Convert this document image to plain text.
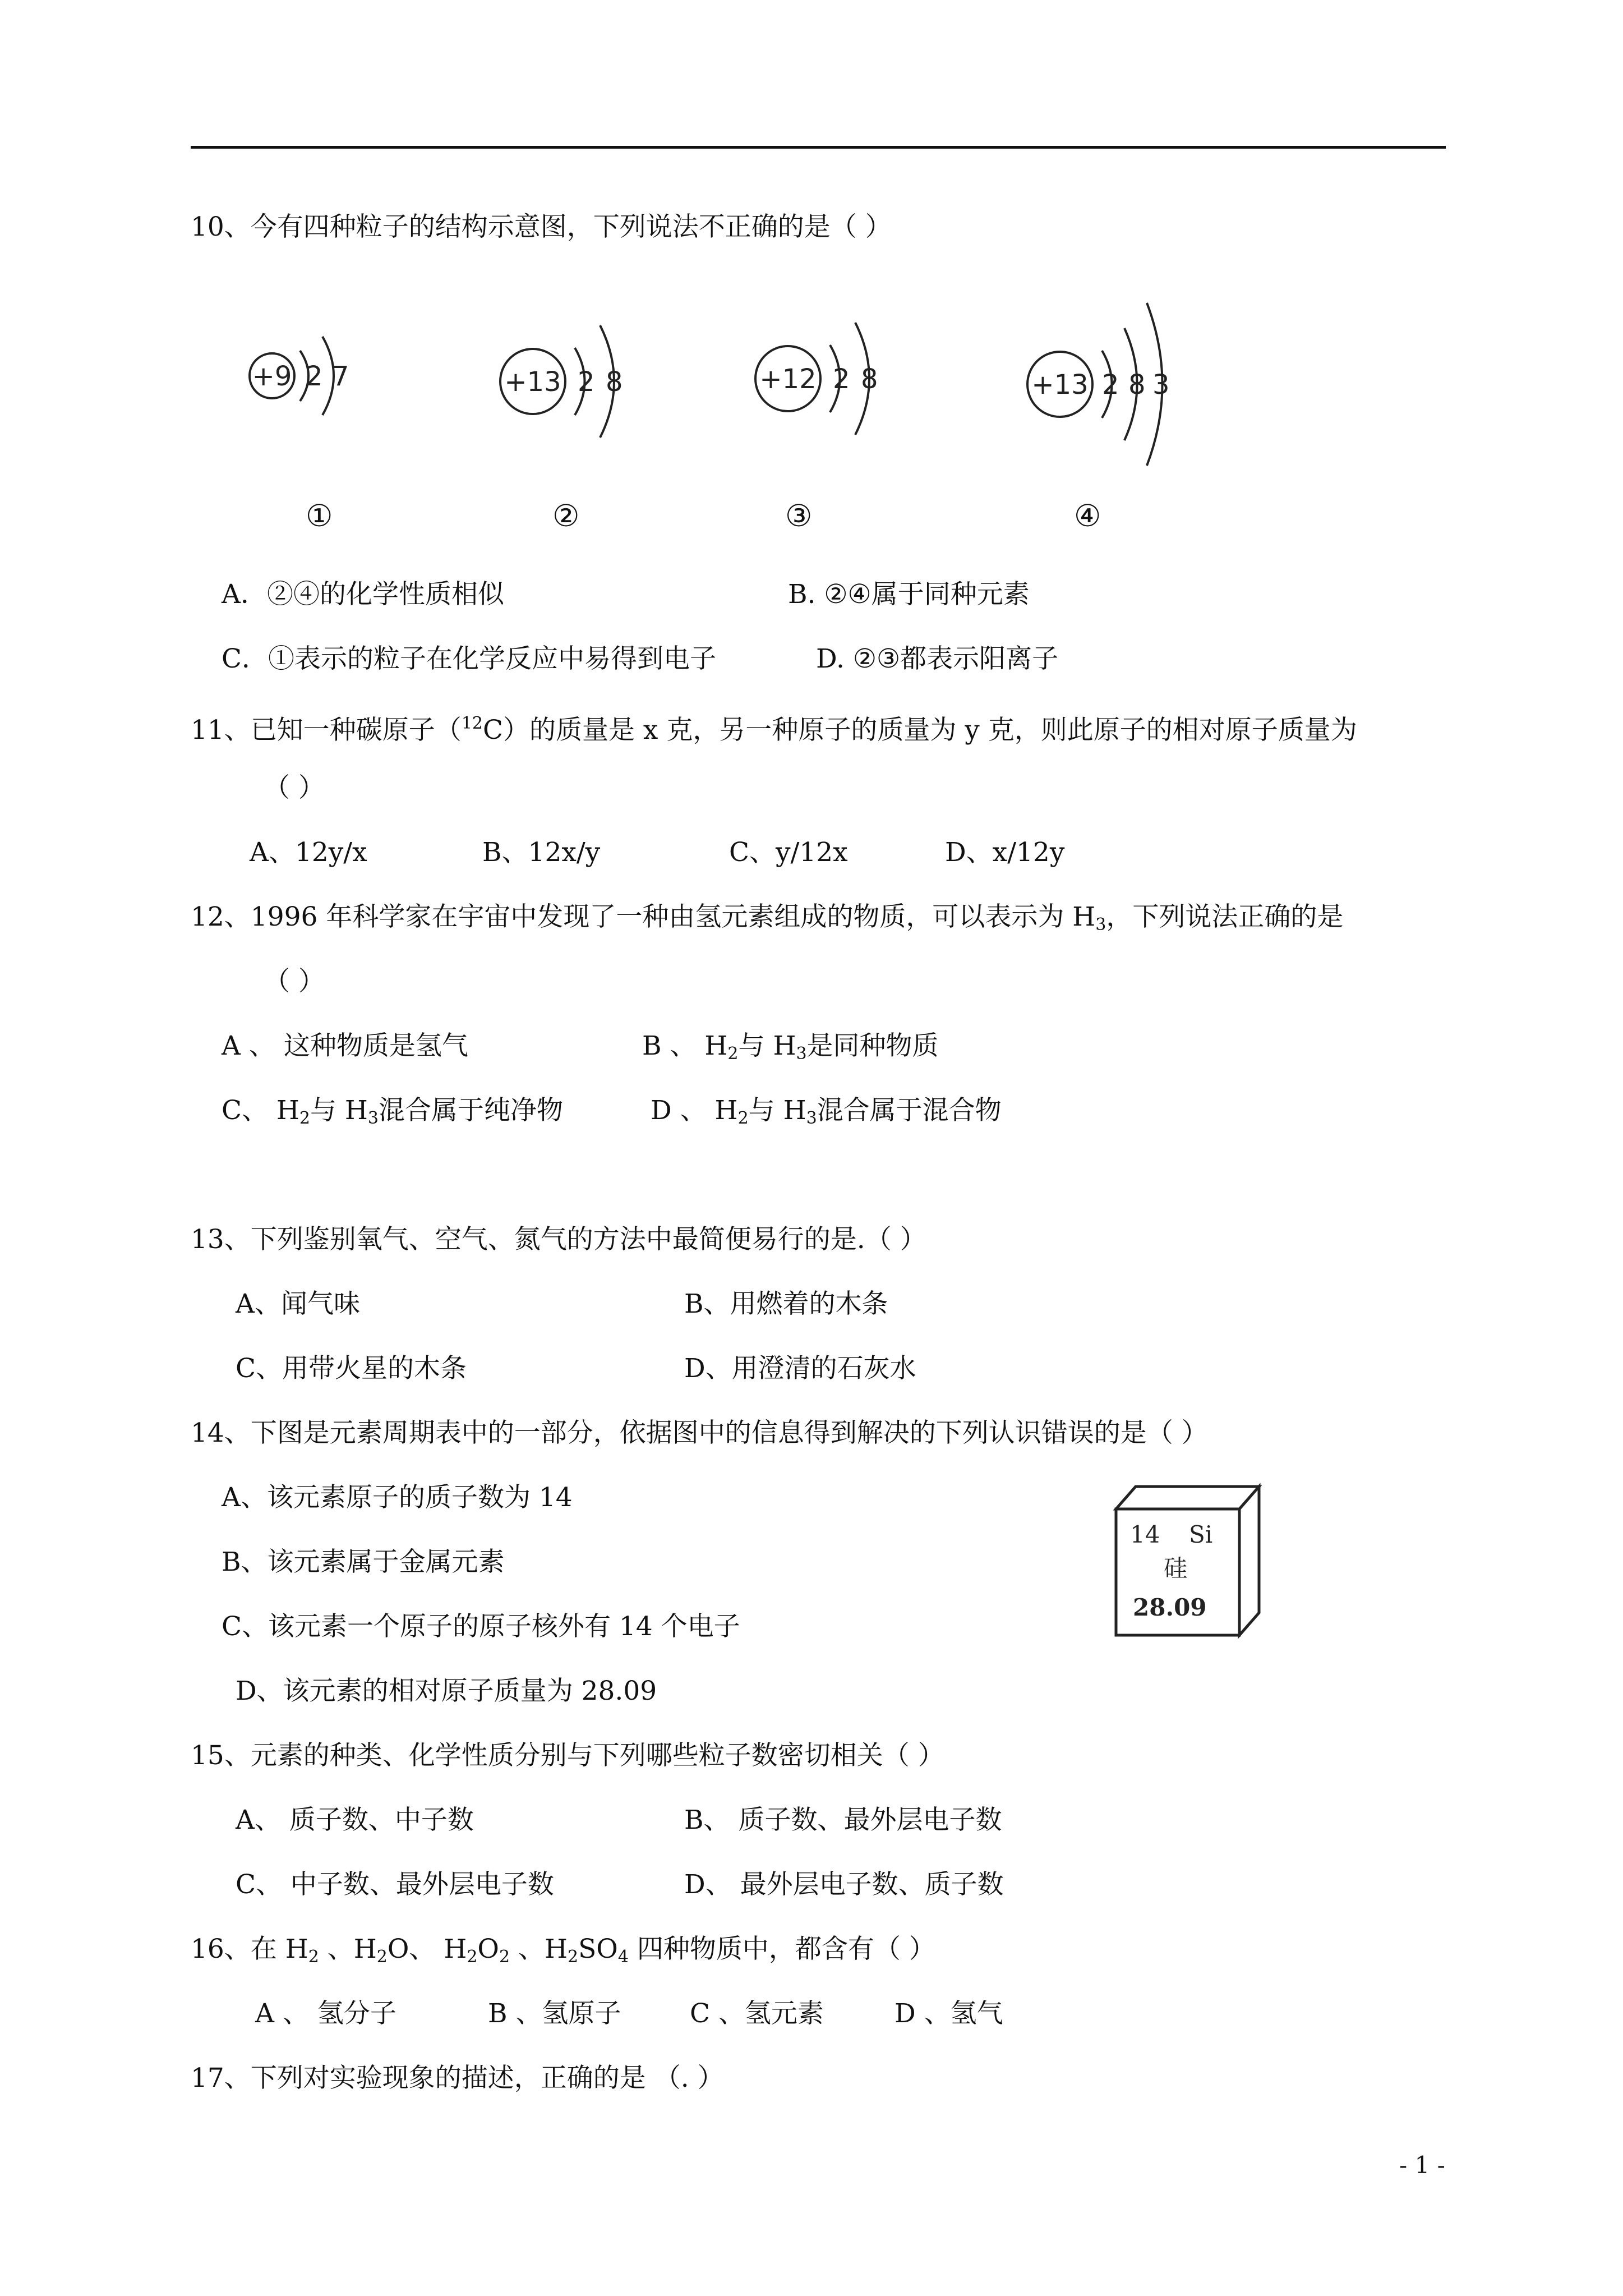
10、今有四种粒子的结构示意图，下列说法不正确的是（ ）
+9 2 7
①
+13 2 8
②
+12 2 8
③
+13 2 8 3
④
A．②④的化学性质相似	B. ②④属于同种元素
C．①表示的粒子在化学反应中易得到电子	D. ②③都表示阳离子
11、已知一种碳原子（$^{12}$C）的质量是 x 克，另一种原子的质量为 y 克，则此原子的相对原子质量为
（ ）
A、12y/x	B、12x/y	C、y/12x	D、x/12y
12、1996 年科学家在宇宙中发现了一种由氢元素组成的物质，可以表示为 $H_3$，下列说法正确的是
（ ）
A 、 这种物质是氢气	B 、 $H_2$与 $H_3$是同种物质
C、 $H_2$与 $H_3$混合属于纯净物	D 、 $H_2$与 $H_3$混合属于混合物
13、下列鉴别氧气、空气、氮气的方法中最简便易行的是.（ ）
A、闻气味	B、用燃着的木条
C、用带火星的木条	D、用澄清的石灰水
14、下图是元素周期表中的一部分，依据图中的信息得到解决的下列认识错误的是（ ）
A、该元素原子的质子数为 14
B、该元素属于金属元素
C、该元素一个原子的原子核外有 14 个电子
D、该元素的相对原子质量为 28.09
14 Si
硅
28.09
15、元素的种类、化学性质分别与下列哪些粒子数密切相关（ ）
A、 质子数、中子数	B、 质子数、最外层电子数
C、 中子数、最外层电子数	D、 最外层电子数、质子数
16、在 $H_2$ 、$H_2O$、 $H_2O_2$ 、$H_2SO_4$ 四种物质中，都含有（ ）
A 、 氢分子	B 、氢原子	C 、氢元素	D 、氢气
17、下列对实验现象的描述，正确的是 （. ）
- 1 -
